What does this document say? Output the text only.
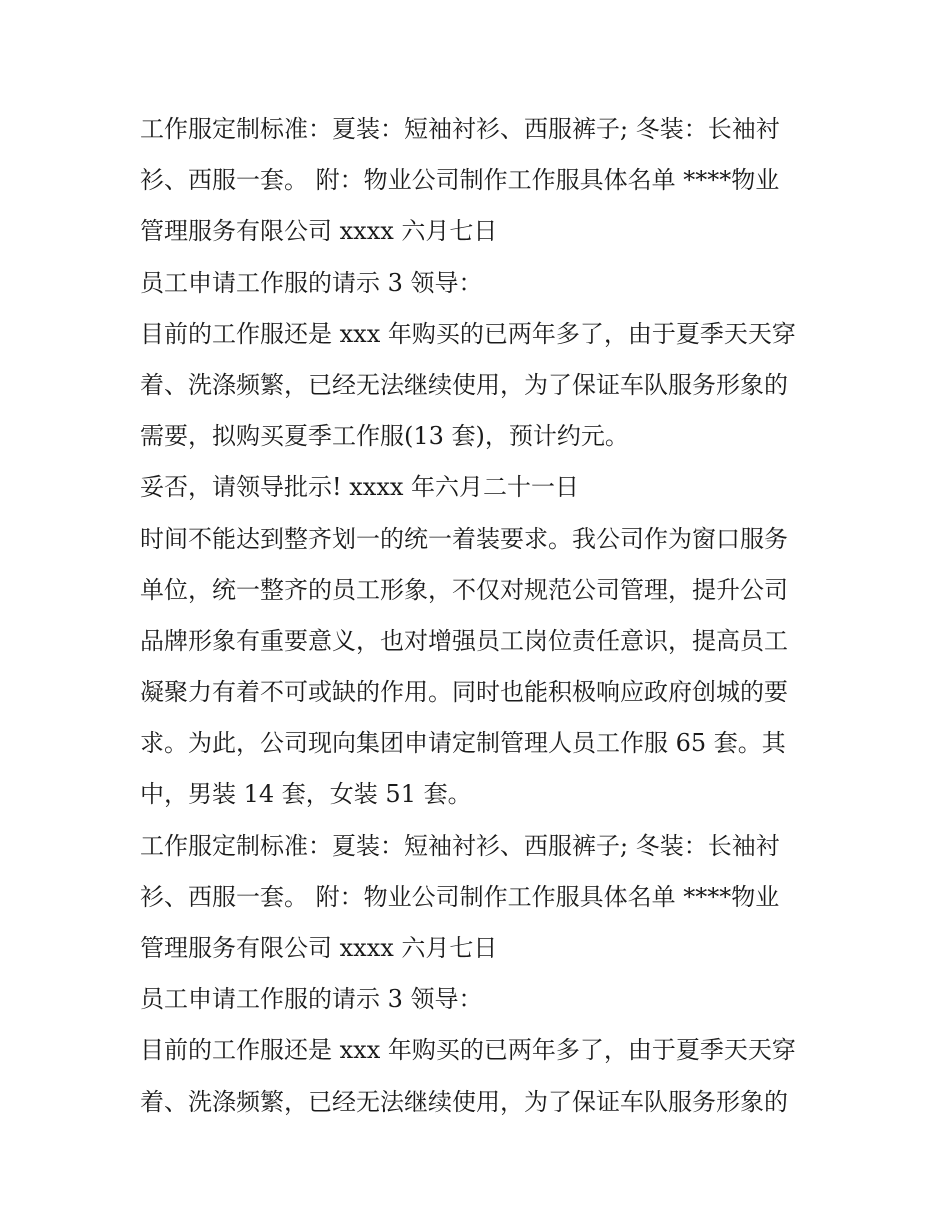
工作服定制标准：夏装：短袖衬衫、西服裤子; 冬装：长袖衬
衫、西服一套。 附：物业公司制作工作服具体名单 ****物业
管理服务有限公司 xxxx 六月七日
员工申请工作服的请示 3 领导：
目前的工作服还是 xxx 年购买的已两年多了，由于夏季天天穿
着、洗涤频繁，已经无法继续使用，为了保证车队服务形象的
需要，拟购买夏季工作服(13 套)，预计约元。
妥否，请领导批示! xxxx 年六月二十一日
时间不能达到整齐划一的统一着装要求。我公司作为窗口服务
单位，统一整齐的员工形象，不仅对规范公司管理，提升公司
品牌形象有重要意义，也对增强员工岗位责任意识，提高员工
凝聚力有着不可或缺的作用。同时也能积极响应政府创城的要
求。为此，公司现向集团申请定制管理人员工作服 65 套。其
中，男装 14 套，女装 51 套。
工作服定制标准：夏装：短袖衬衫、西服裤子; 冬装：长袖衬
衫、西服一套。 附：物业公司制作工作服具体名单 ****物业
管理服务有限公司 xxxx 六月七日
员工申请工作服的请示 3 领导：
目前的工作服还是 xxx 年购买的已两年多了，由于夏季天天穿
着、洗涤频繁，已经无法继续使用，为了保证车队服务形象的
